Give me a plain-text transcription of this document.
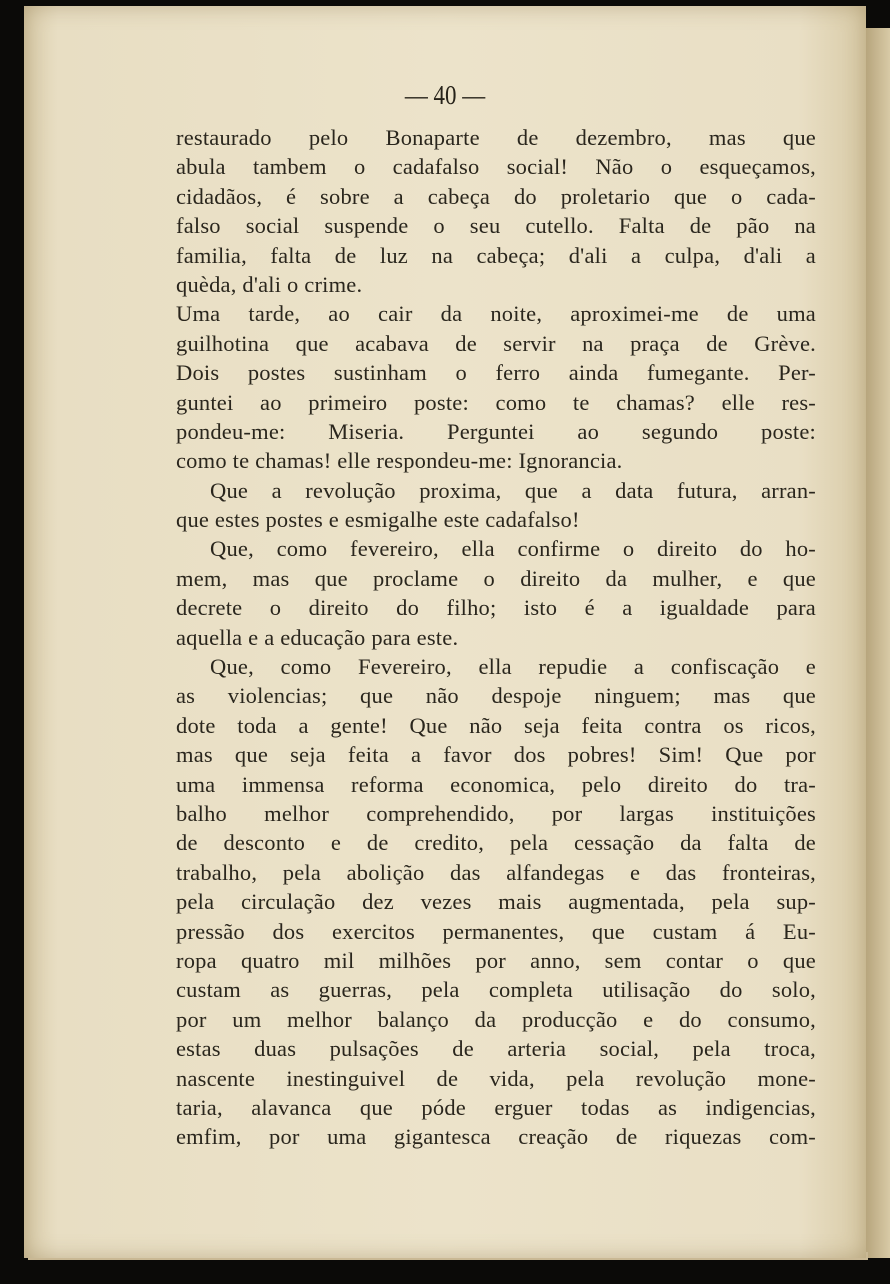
— 40 —
restaurado pelo Bonaparte de dezembro, mas que
abula tambem o cadafalso social! Não o esqueçamos,
cidadãos, é sobre a cabeça do proletario que o cada-
falso social suspende o seu cutello. Falta de pão na
familia, falta de luz na cabeça; d'ali a culpa, d'ali a
quèda, d'ali o crime.
Uma tarde, ao cair da noite, aproximei-me de uma
guilhotina que acabava de servir na praça de Grève.
Dois postes sustinham o ferro ainda fumegante. Per-
guntei ao primeiro poste: como te chamas? elle res-
pondeu-me: Miseria. Perguntei ao segundo poste:
como te chamas! elle respondeu-me: Ignorancia.
Que a revolução proxima, que a data futura, arran-
que estes postes e esmigalhe este cadafalso!
Que, como fevereiro, ella confirme o direito do ho-
mem, mas que proclame o direito da mulher, e que
decrete o direito do filho; isto é a igualdade para
aquella e a educação para este.
Que, como Fevereiro, ella repudie a confiscação e
as violencias; que não despoje ninguem; mas que
dote toda a gente! Que não seja feita contra os ricos,
mas que seja feita a favor dos pobres! Sim! Que por
uma immensa reforma economica, pelo direito do tra-
balho melhor comprehendido, por largas instituições
de desconto e de credito, pela cessação da falta de
trabalho, pela abolição das alfandegas e das fronteiras,
pela circulação dez vezes mais augmentada, pela sup-
pressão dos exercitos permanentes, que custam á Eu-
ropa quatro mil milhões por anno, sem contar o que
custam as guerras, pela completa utilisação do solo,
por um melhor balanço da producção e do consumo,
estas duas pulsações de arteria social, pela troca,
nascente inestinguivel de vida, pela revolução mone-
taria, alavanca que póde erguer todas as indigencias,
emfim, por uma gigantesca creação de riquezas com-
